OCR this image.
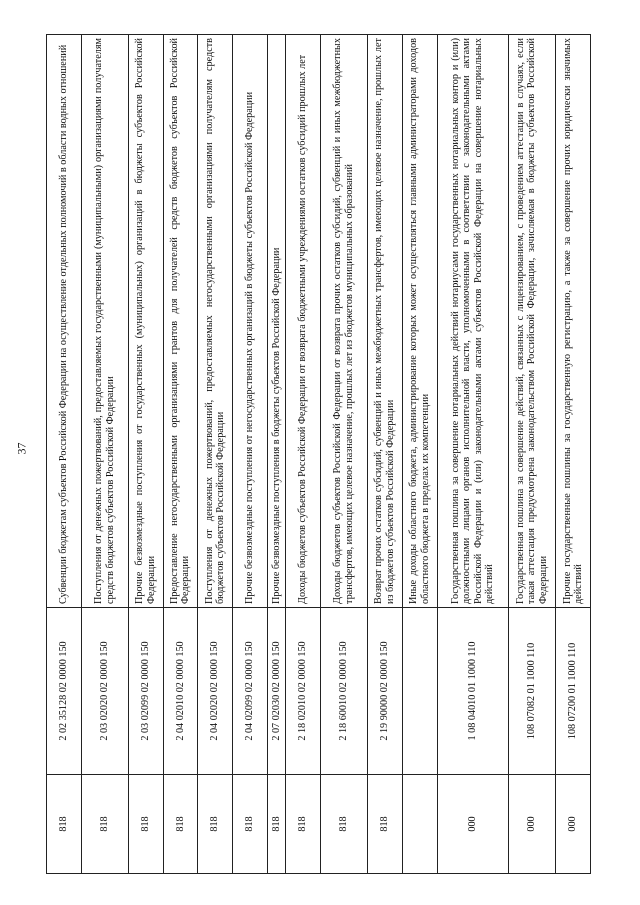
37
818	2 02 35128 02 0000 150	Субвенции бюджетам субъектов Российской Федерации на осуществление отдельных полномочий в области водных отношений
818	2 03 02020 02 0000 150	Поступления от денежных пожертвований, предоставляемых государственными (муниципальными) организациями получателям средств бюджетов субъектов Российской Федерации
818	2 03 02099 02 0000 150	Прочие безвозмездные поступления от государственных (муниципальных) организаций в бюджеты субъектов Российской Федерации
818	2 04 02010 02 0000 150	Предоставление негосударственными организациями грантов для получателей средств бюджетов субъектов Российской Федерации
818	2 04 02020 02 0000 150	Поступления от денежных пожертвований, предоставляемых негосударственными организациями получателям средств бюджетов субъектов Российской Федерации
818	2 04 02099 02 0000 150	Прочие безвозмездные поступления от негосударственных организаций в бюджеты субъектов Российской Федерации
818	2 07 02030 02 0000 150	Прочие безвозмездные поступления в бюджеты субъектов Российской Федерации
818	2 18 02010 02 0000 150	Доходы бюджетов субъектов Российской Федерации от возврата бюджетными учреждениями остатков субсидий прошлых лет
818	2 18 60010 02 0000 150	Доходы бюджетов субъектов Российской Федерации от возврата прочих остатков субсидий, субвенций и иных межбюджетных трансфертов, имеющих целевое назначение, прошлых лет из бюджетов муниципальных образований
818	2 19 90000 02 0000 150	Возврат прочих остатков субсидий, субвенций и иных межбюджетных трансфертов, имеющих целевое назначение, прошлых лет из бюджетов субъектов Российской Федерации
		Иные доходы областного бюджета, администрирование которых может осуществляться главными администраторами доходов областного бюджета в пределах их компетенции
000	1 08 04010 01 1000 110	Государственная пошлина за совершение нотариальных действий нотариусами государственных нотариальных контор и (или) должностными лицами органов исполнительной власти, уполномоченными в соответствии с законодательными актами Российской Федерации и (или) законодательными актами субъектов Российской Федерации на совершение нотариальных действий
000	108 07082 01 1000 110	Государственная пошлина за совершение действий, связанных с лицензированием, с проведением аттестации в случаях, если такая аттестация предусмотрена законодательством Российской Федерации, зачисляемая в бюджеты субъектов Российской Федерации
000	108 07200 01 1000 110	Прочие государственные пошлины за государственную регистрацию, а также за совершение прочих юридически значимых действий
